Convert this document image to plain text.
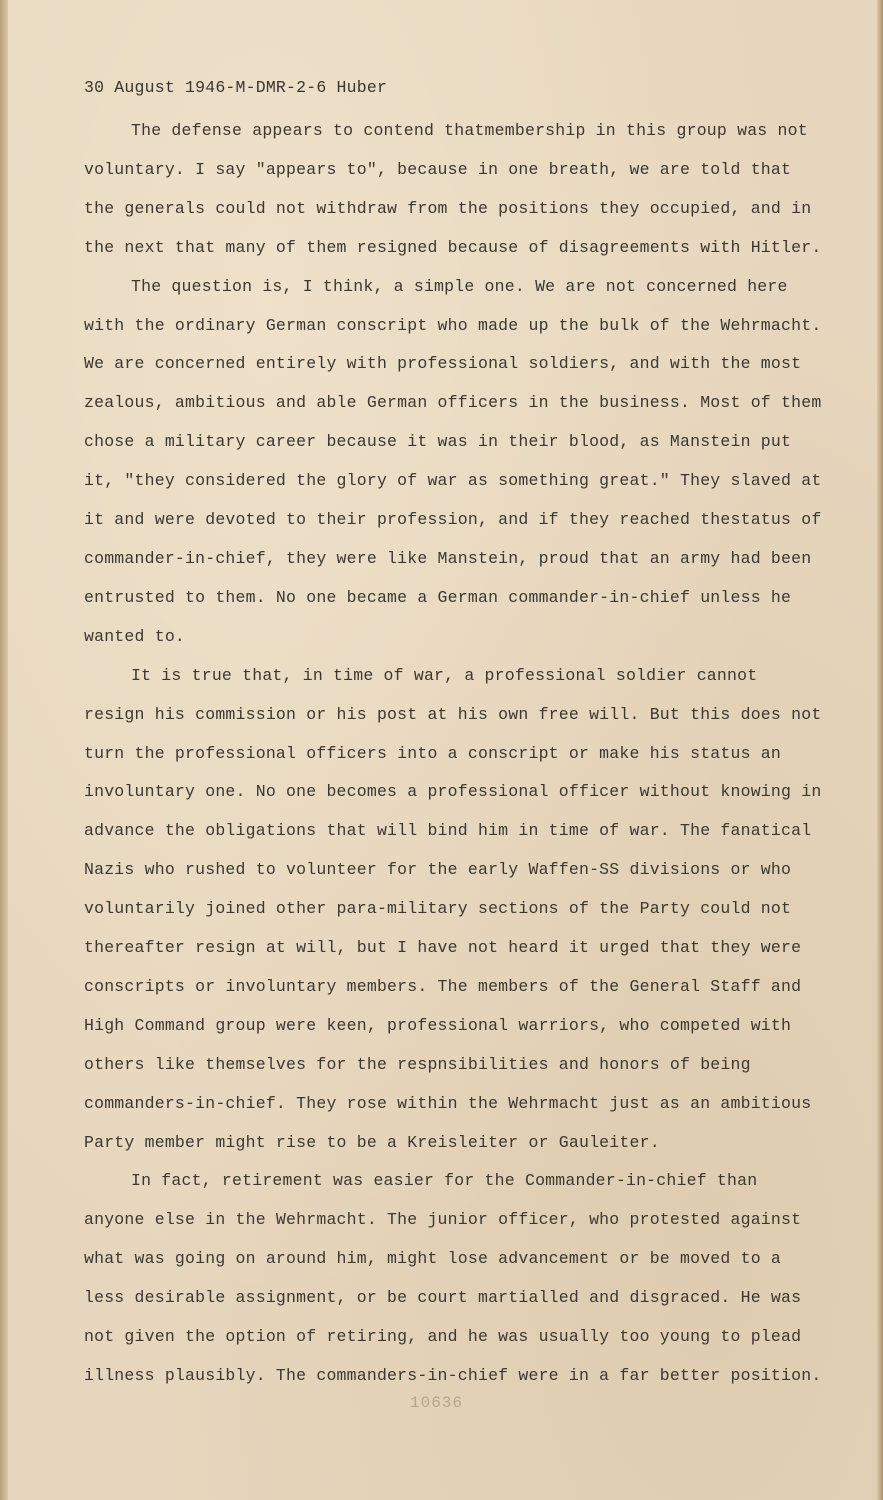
30 August 1946-M-DMR-2-6 Huber

The defense appears to contend thatmembership in this group was not voluntary. I say "appears to", because in one breath, we are told that the generals could not withdraw from the positions they occupied, and in the next that many of them resigned because of disagreements with Hitler.

The question is, I think, a simple one. We are not concerned here with the ordinary German conscript who made up the bulk of the Wehrmacht. We are concerned entirely with professional soldiers, and with the most zealous, ambitious and able German officers in the business. Most of them chose a military career because it was in their blood, as Manstein put it, "they considered the glory of war as something great." They slaved at it and were devoted to their profession, and if they reached thestatus of commander-in-chief, they were like Manstein, proud that an army had been entrusted to them. No one became a German commander-in-chief unless he wanted to.

It is true that, in time of war, a professional soldier cannot resign his commission or his post at his own free will. But this does not turn the professional officers into a conscript or make his status an involuntary one. No one becomes a professional officer without knowing in advance the obligations that will bind him in time of war. The fanatical Nazis who rushed to volunteer for the early Waffen-SS divisions or who voluntarily joined other para-military sections of the Party could not thereafter resign at will, but I have not heard it urged that they were conscripts or involuntary members. The members of the General Staff and High Command group were keen, professional warriors, who competed with others like themselves for the respnsibilities and honors of being commanders-in-chief. They rose within the Wehrmacht just as an ambitious Party member might rise to be a Kreisleiter or Gauleiter.

In fact, retirement was easier for the Commander-in-chief than anyone else in the Wehrmacht. The junior officer, who protested against what was going on around him, might lose advancement or be moved to a less desirable assignment, or be court martialled and disgraced. He was not given the option of retiring, and he was usually too young to plead illness plausibly. The commanders-in-chief were in a far better position.

10636
